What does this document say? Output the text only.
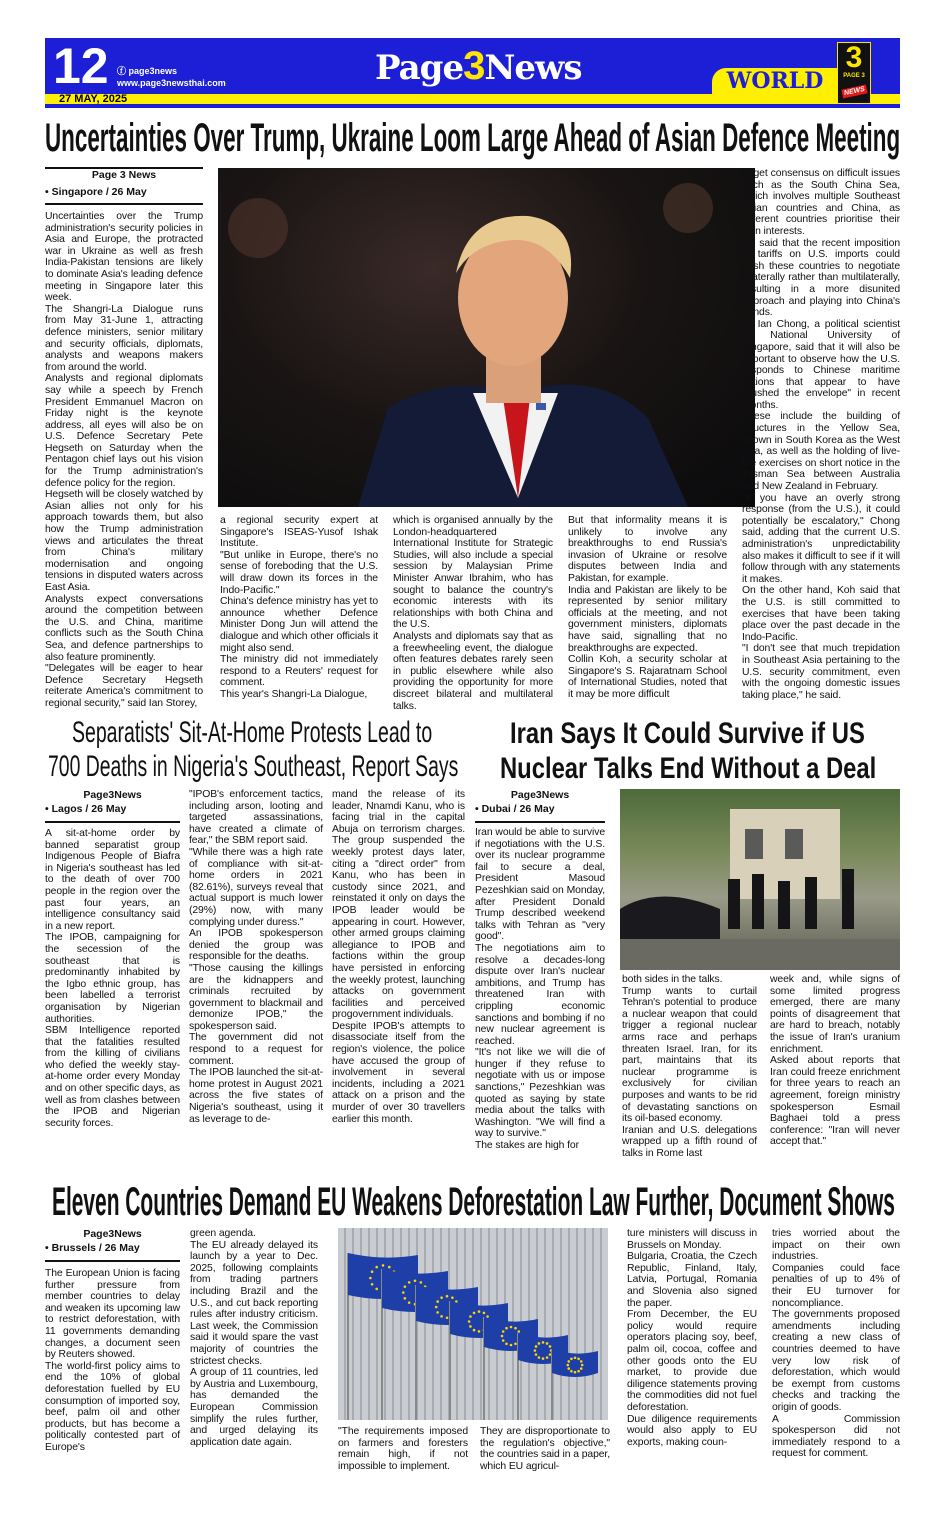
12 ⓕ page3news
www.page3newsthai.com
27 MAY, 2025
Page3News	WORLD
3
PAGE 3
NEWS
Uncertainties Over Trump, Ukraine Loom Large Ahead of Asian Defence Meeting
Page 3 News
• Singapore / 26 May

Uncertainties over the Trump administration's security policies in Asia and Europe, the protracted war in Ukraine as well as fresh India-Pakistan tensions are likely to dominate Asia's leading defence meeting in Singapore later this week.

The Shangri-La Dialogue runs from May 31-June 1, attracting defence ministers, senior military and security officials, diplomats, analysts and weapons makers from around the world.

Analysts and regional diplomats say while a speech by French President Emmanuel Macron on Friday night is the keynote address, all eyes will also be on U.S. Defence Secretary Pete Hegseth on Saturday when the Pentagon chief lays out his vision for the Trump administration's defence policy for the region.

Hegseth will be closely watched by Asian allies not only for his approach towards them, but also how the Trump administration views and articulates the threat from China's military modernisation and ongoing tensions in disputed waters across East Asia.

Analysts expect conversations around the competition between the U.S. and China, maritime conflicts such as the South China Sea, and defence partnerships to also feature prominently.

"Delegates will be eager to hear Defence Secretary Hegseth reiterate America's commitment to regional security," said Ian Storey,

a regional security expert at Singapore's ISEAS-Yusof Ishak Institute.

"But unlike in Europe, there's no sense of foreboding that the U.S. will draw down its forces in the Indo-Pacific."

China's defence ministry has yet to announce whether Defence Minister Dong Jun will attend the dialogue and which other officials it might also send.

The ministry did not immediately respond to a Reuters' request for comment.

This year's Shangri-La Dialogue,

which is organised annually by the London-headquartered International Institute for Strategic Studies, will also include a special session by Malaysian Prime Minister Anwar Ibrahim, who has sought to balance the country's economic interests with its relationships with both China and the U.S.

Analysts and diplomats say that as a freewheeling event, the dialogue often features debates rarely seen in public elsewhere while also providing the opportunity for more discreet bilateral and multilateral talks.

But that informality means it is unlikely to involve any breakthroughs to end Russia's invasion of Ukraine or resolve disputes between India and Pakistan, for example.

India and Pakistan are likely to be represented by senior military officials at the meeting, and not government ministers, diplomats have said, signalling that no breakthroughs are expected.

Collin Koh, a security scholar at Singapore's S. Rajaratnam School of International Studies, noted that it may be more difficult

to get consensus on difficult issues such as the South China Sea, which involves multiple Southeast Asian countries and China, as different countries prioritise their own interests.

He said that the recent imposition of tariffs on U.S. imports could push these countries to negotiate bilaterally rather than multilaterally, resulting in a more disunited approach and playing into China's hands.

Ja Ian Chong, a political scientist at National University of Singapore, said that it will also be important to observe how the U.S. responds to Chinese maritime actions that appear to have "pushed the envelope" in recent months.

These include the building of structures in the Yellow Sea, known in South Korea as the West Sea, as well as the holding of live-fire exercises on short notice in the Tasman Sea between Australia and New Zealand in February.

"If you have an overly strong response (from the U.S.), it could potentially be escalatory," Chong said, adding that the current U.S. administration's unpredictability also makes it difficult to see if it will follow through with any statements it makes.

On the other hand, Koh said that the U.S. is still committed to exercises that have been taking place over the past decade in the Indo-Pacific.

"I don't see that much trepidation in Southeast Asia pertaining to the U.S. security commitment, even with the ongoing domestic issues taking place," he said.

Separatists' Sit-At-Home Protests Lead to
700 Deaths in Nigeria's Southeast, Report Says
Page3News
• Lagos / 26 May

A sit-at-home order by banned separatist group Indigenous People of Biafra in Nigeria's southeast has led to the death of over 700 people in the region over the past four years, an intelligence consultancy said in a new report.

The IPOB, campaigning for the secession of the southeast that is predominantly inhabited by the Igbo ethnic group, has been labelled a terrorist organisation by Nigerian authorities.

SBM Intelligence reported that the fatalities resulted from the killing of civilians who defied the weekly stay-at-home order every Monday and on other specific days, as well as from clashes between the IPOB and Nigerian security forces.

"IPOB's enforcement tactics, including arson, looting and targeted assassinations, have created a climate of fear," the SBM report said.

"While there was a high rate of compliance with sit-at-home orders in 2021 (82.61%), surveys reveal that actual support is much lower (29%) now, with many complying under duress."

An IPOB spokesperson denied the group was responsible for the deaths.

"Those causing the killings are the kidnappers and criminals recruited by government to blackmail and demonize IPOB," the spokesperson said.

The government did not respond to a request for comment.

The IPOB launched the sit-at-home protest in August 2021 across the five states of Nigeria's southeast, using it as leverage to de-

mand the release of its leader, Nnamdi Kanu, who is facing trial in the capital Abuja on terrorism charges. The group suspended the weekly protest days later, citing a "direct order" from Kanu, who has been in custody since 2021, and reinstated it only on days the IPOB leader would be appearing in court. However, other armed groups claiming allegiance to IPOB and factions within the group have persisted in enforcing the weekly protest, launching attacks on government facilities and perceived progovernment individuals.

Despite IPOB's attempts to disassociate itself from the region's violence, the police have accused the group of involvement in several incidents, including a 2021 attack on a prison and the murder of over 30 travellers earlier this month.

Iran Says It Could Survive if US
Nuclear Talks End Without a Deal
Page3News
• Dubai / 26 May

Iran would be able to survive if negotiations with the U.S. over its nuclear programme fail to secure a deal, President Masoud Pezeshkian said on Monday, after President Donald Trump described weekend talks with Tehran as "very good".

The negotiations aim to resolve a decades-long dispute over Iran's nuclear ambitions, and Trump has threatened Iran with crippling economic sanctions and bombing if no new nuclear agreement is reached.

"It's not like we will die of hunger if they refuse to negotiate with us or impose sanctions," Pezeshkian was quoted as saying by state media about the talks with Washington. "We will find a way to survive."

The stakes are high for

both sides in the talks.

Trump wants to curtail Tehran's potential to produce a nuclear weapon that could trigger a regional nuclear arms race and perhaps threaten Israel. Iran, for its part, maintains that its nuclear programme is exclusively for civilian purposes and wants to be rid of devastating sanctions on its oil-based economy.

Iranian and U.S. delegations wrapped up a fifth round of talks in Rome last

week and, while signs of some limited progress emerged, there are many points of disagreement that are hard to breach, notably the issue of Iran's uranium enrichment.

Asked about reports that Iran could freeze enrichment for three years to reach an agreement, foreign ministry spokesperson Esmail Baghaei told a press conference: "Iran will never accept that."

Eleven Countries Demand EU Weakens Deforestation Law Further, Document Shows
Page3News
• Brussels / 26 May

The European Union is facing further pressure from member countries to delay and weaken its upcoming law to restrict deforestation, with 11 governments demanding changes, a document seen by Reuters showed.

The world-first policy aims to end the 10% of global deforestation fuelled by EU consumption of imported soy, beef, palm oil and other products, but has become a politically contested part of Europe's

green agenda.

The EU already delayed its launch by a year to Dec. 2025, following complaints from trading partners including Brazil and the U.S., and cut back reporting rules after industry criticism. Last week, the Commission said it would spare the vast majority of countries the strictest checks.

A group of 11 countries, led by Austria and Luxembourg, has demanded the European Commission simplify the rules further, and urged delaying its application date again.

"The requirements imposed on farmers and foresters remain high, if not impossible to implement.

They are disproportionate to the regulation's objective," the countries said in a paper, which EU agricul-

ture ministers will discuss in Brussels on Monday.

Bulgaria, Croatia, the Czech Republic, Finland, Italy, Latvia, Portugal, Romania and Slovenia also signed the paper.

From December, the EU policy would require operators placing soy, beef, palm oil, cocoa, coffee and other goods onto the EU market, to provide due diligence statements proving the commodities did not fuel deforestation.

Due diligence requirements would also apply to EU exports, making coun-

tries worried about the impact on their own industries.

Companies could face penalties of up to 4% of their EU turnover for noncompliance.

The governments proposed amendments including creating a new class of countries deemed to have very low risk of deforestation, which would be exempt from customs checks and tracking the origin of goods.

A Commission spokesperson did not immediately respond to a request for comment.
